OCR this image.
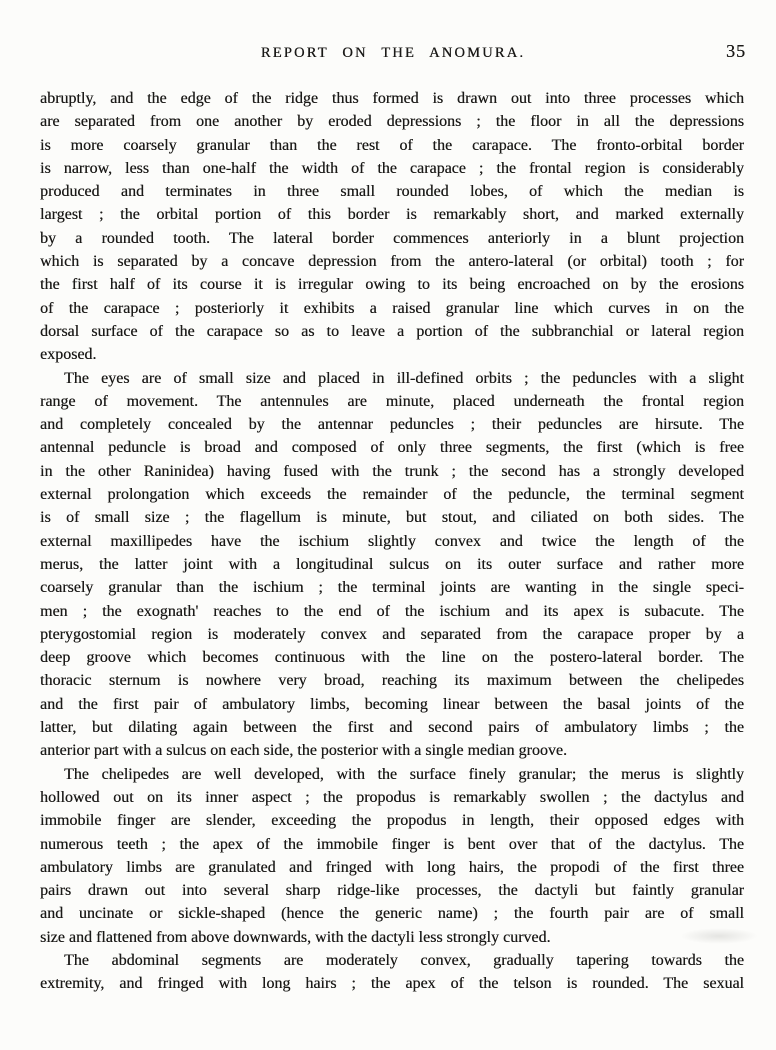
REPORT ON THE ANOMURA.	35
abruptly, and the edge of the ridge thus formed is drawn out into three processes which
are separated from one another by eroded depressions ; the floor in all the depressions
is more coarsely granular than the rest of the carapace. The fronto-orbital border
is narrow, less than one-half the width of the carapace ; the frontal region is considerably
produced and terminates in three small rounded lobes, of which the median is
largest ; the orbital portion of this border is remarkably short, and marked externally
by a rounded tooth. The lateral border commences anteriorly in a blunt projection
which is separated by a concave depression from the antero-lateral (or orbital) tooth ; for
the first half of its course it is irregular owing to its being encroached on by the erosions
of the carapace ; posteriorly it exhibits a raised granular line which curves in on the
dorsal surface of the carapace so as to leave a portion of the subbranchial or lateral region
exposed.
The eyes are of small size and placed in ill-defined orbits ; the peduncles with a slight
range of movement. The antennules are minute, placed underneath the frontal region
and completely concealed by the antennar peduncles ; their peduncles are hirsute. The
antennal peduncle is broad and composed of only three segments, the first (which is free
in the other Raninidea) having fused with the trunk ; the second has a strongly developed
external prolongation which exceeds the remainder of the peduncle, the terminal segment
is of small size ; the flagellum is minute, but stout, and ciliated on both sides. The
external maxillipedes have the ischium slightly convex and twice the length of the
merus, the latter joint with a longitudinal sulcus on its outer surface and rather more
coarsely granular than the ischium ; the terminal joints are wanting in the single speci-
men ; the exognath' reaches to the end of the ischium and its apex is subacute. The
pterygostomial region is moderately convex and separated from the carapace proper by a
deep groove which becomes continuous with the line on the postero-lateral border. The
thoracic sternum is nowhere very broad, reaching its maximum between the chelipedes
and the first pair of ambulatory limbs, becoming linear between the basal joints of the
latter, but dilating again between the first and second pairs of ambulatory limbs ; the
anterior part with a sulcus on each side, the posterior with a single median groove.
The chelipedes are well developed, with the surface finely granular; the merus is slightly
hollowed out on its inner aspect ; the propodus is remarkably swollen ; the dactylus and
immobile finger are slender, exceeding the propodus in length, their opposed edges with
numerous teeth ; the apex of the immobile finger is bent over that of the dactylus. The
ambulatory limbs are granulated and fringed with long hairs, the propodi of the first three
pairs drawn out into several sharp ridge-like processes, the dactyli but faintly granular
and uncinate or sickle-shaped (hence the generic name) ; the fourth pair are of small
size and flattened from above downwards, with the dactyli less strongly curved.
The abdominal segments are moderately convex, gradually tapering towards the
extremity, and fringed with long hairs ; the apex of the telson is rounded. The sexual
